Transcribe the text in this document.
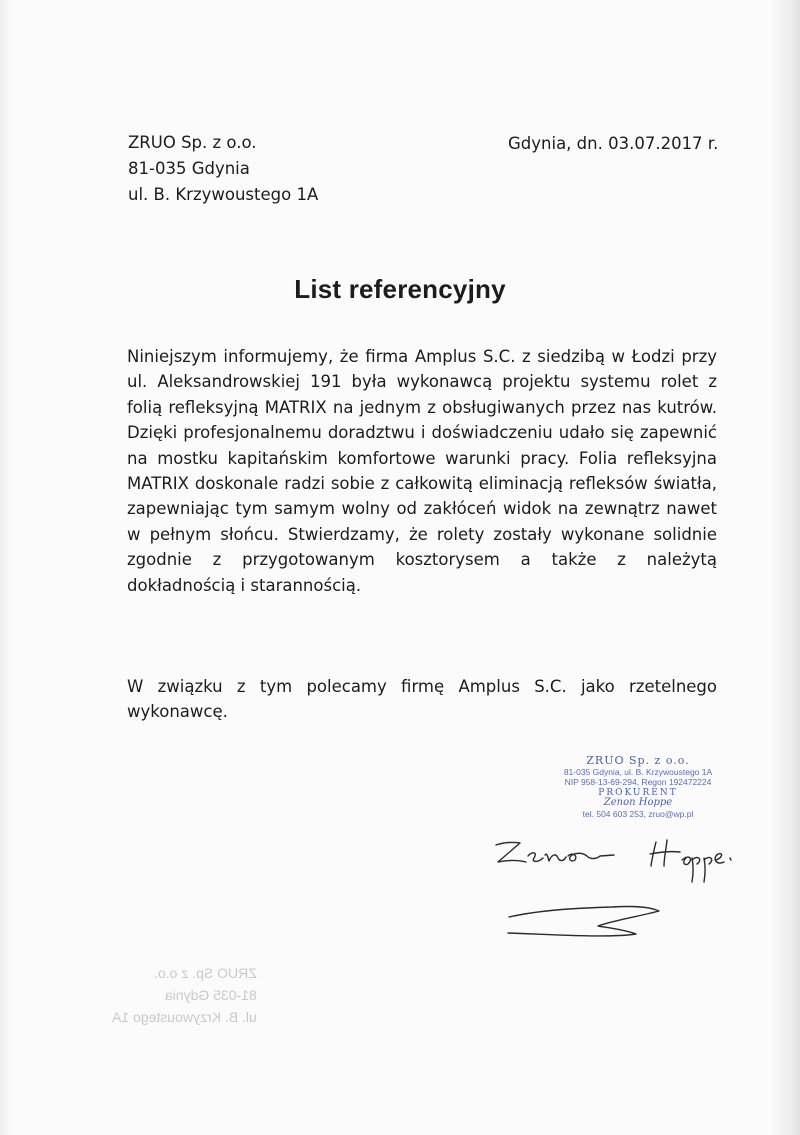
ZRUO Sp. z o.o.
81-035 Gdynia
ul. B. Krzywoustego 1A
Gdynia, dn. 03.07.2017 r.
List referencyjny
Niniejszym informujemy, że firma Amplus S.C. z siedzibą w Łodzi przy ul. Aleksandrowskiej 191 była wykonawcą projektu systemu rolet z folią refleksyjną MATRIX na jednym z obsługiwanych przez nas kutrów. Dzięki profesjonalnemu doradztwu i doświadczeniu udało się zapewnić na mostku kapitańskim komfortowe warunki pracy. Folia refleksyjna MATRIX doskonale radzi sobie z całkowitą eliminacją refleksów światła, zapewniając tym samym wolny od zakłóceń widok na zewnątrz nawet w pełnym słońcu. Stwierdzamy, że rolety zostały wykonane solidnie zgodnie z przygotowanym kosztorysem a także z należytą dokładnością i starannością.
W związku z tym polecamy firmę Amplus S.C. jako rzetelnego wykonawcę.
ZRUO Sp. z o.o.
81-035 Gdynia, ul. B. Krzywoustego 1A
NIP 958-13-69-294, Regon 192472224
PROKURENT
Zenon Hoppe
tel. 504 603 253, zruo@wp.pl
ZRUO Sp. z o.o.
81-035 Gdynia
ul. B. Krzywoustego 1A
